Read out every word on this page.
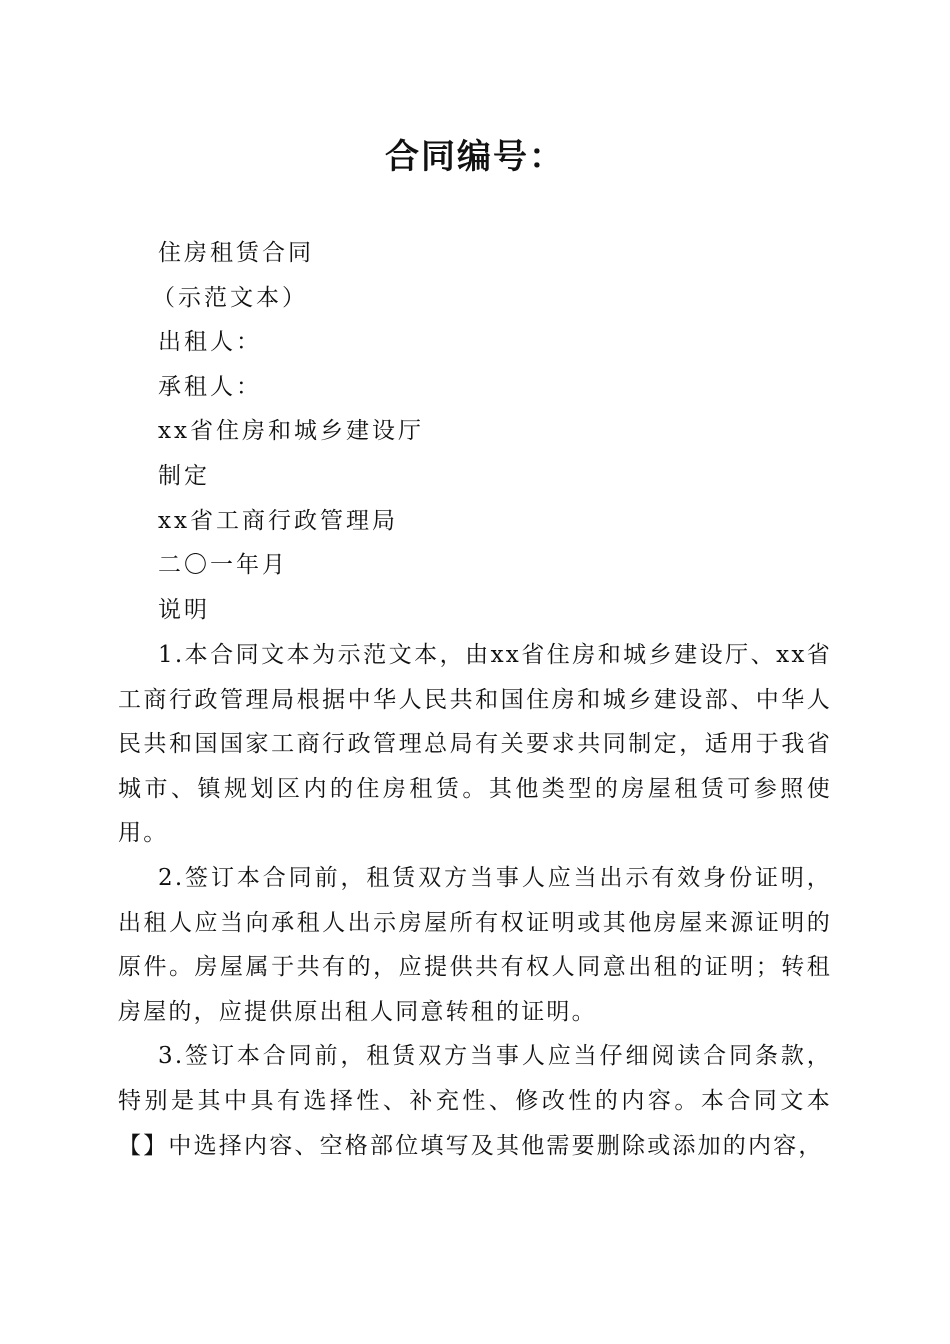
合同编号：
住房租赁合同
（示范文本）
出租人：
承租人：
xx省住房和城乡建设厅
制定
xx省工商行政管理局
二〇一年月
说明

1.本合同文本为示范文本，由xx省住房和城乡建设厅、xx省工商行政管理局根据中华人民共和国住房和城乡建设部、中华人民共和国国家工商行政管理总局有关要求共同制定，适用于我省城市、镇规划区内的住房租赁。其他类型的房屋租赁可参照使用。

2.签订本合同前，租赁双方当事人应当出示有效身份证明，出租人应当向承租人出示房屋所有权证明或其他房屋来源证明的原件。房屋属于共有的，应提供共有权人同意出租的证明；转租房屋的，应提供原出租人同意转租的证明。

3.签订本合同前，租赁双方当事人应当仔细阅读合同条款，特别是其中具有选择性、补充性、修改性的内容。本合同文本【】中选择内容、空格部位填写及其他需要删除或添加的内容，
